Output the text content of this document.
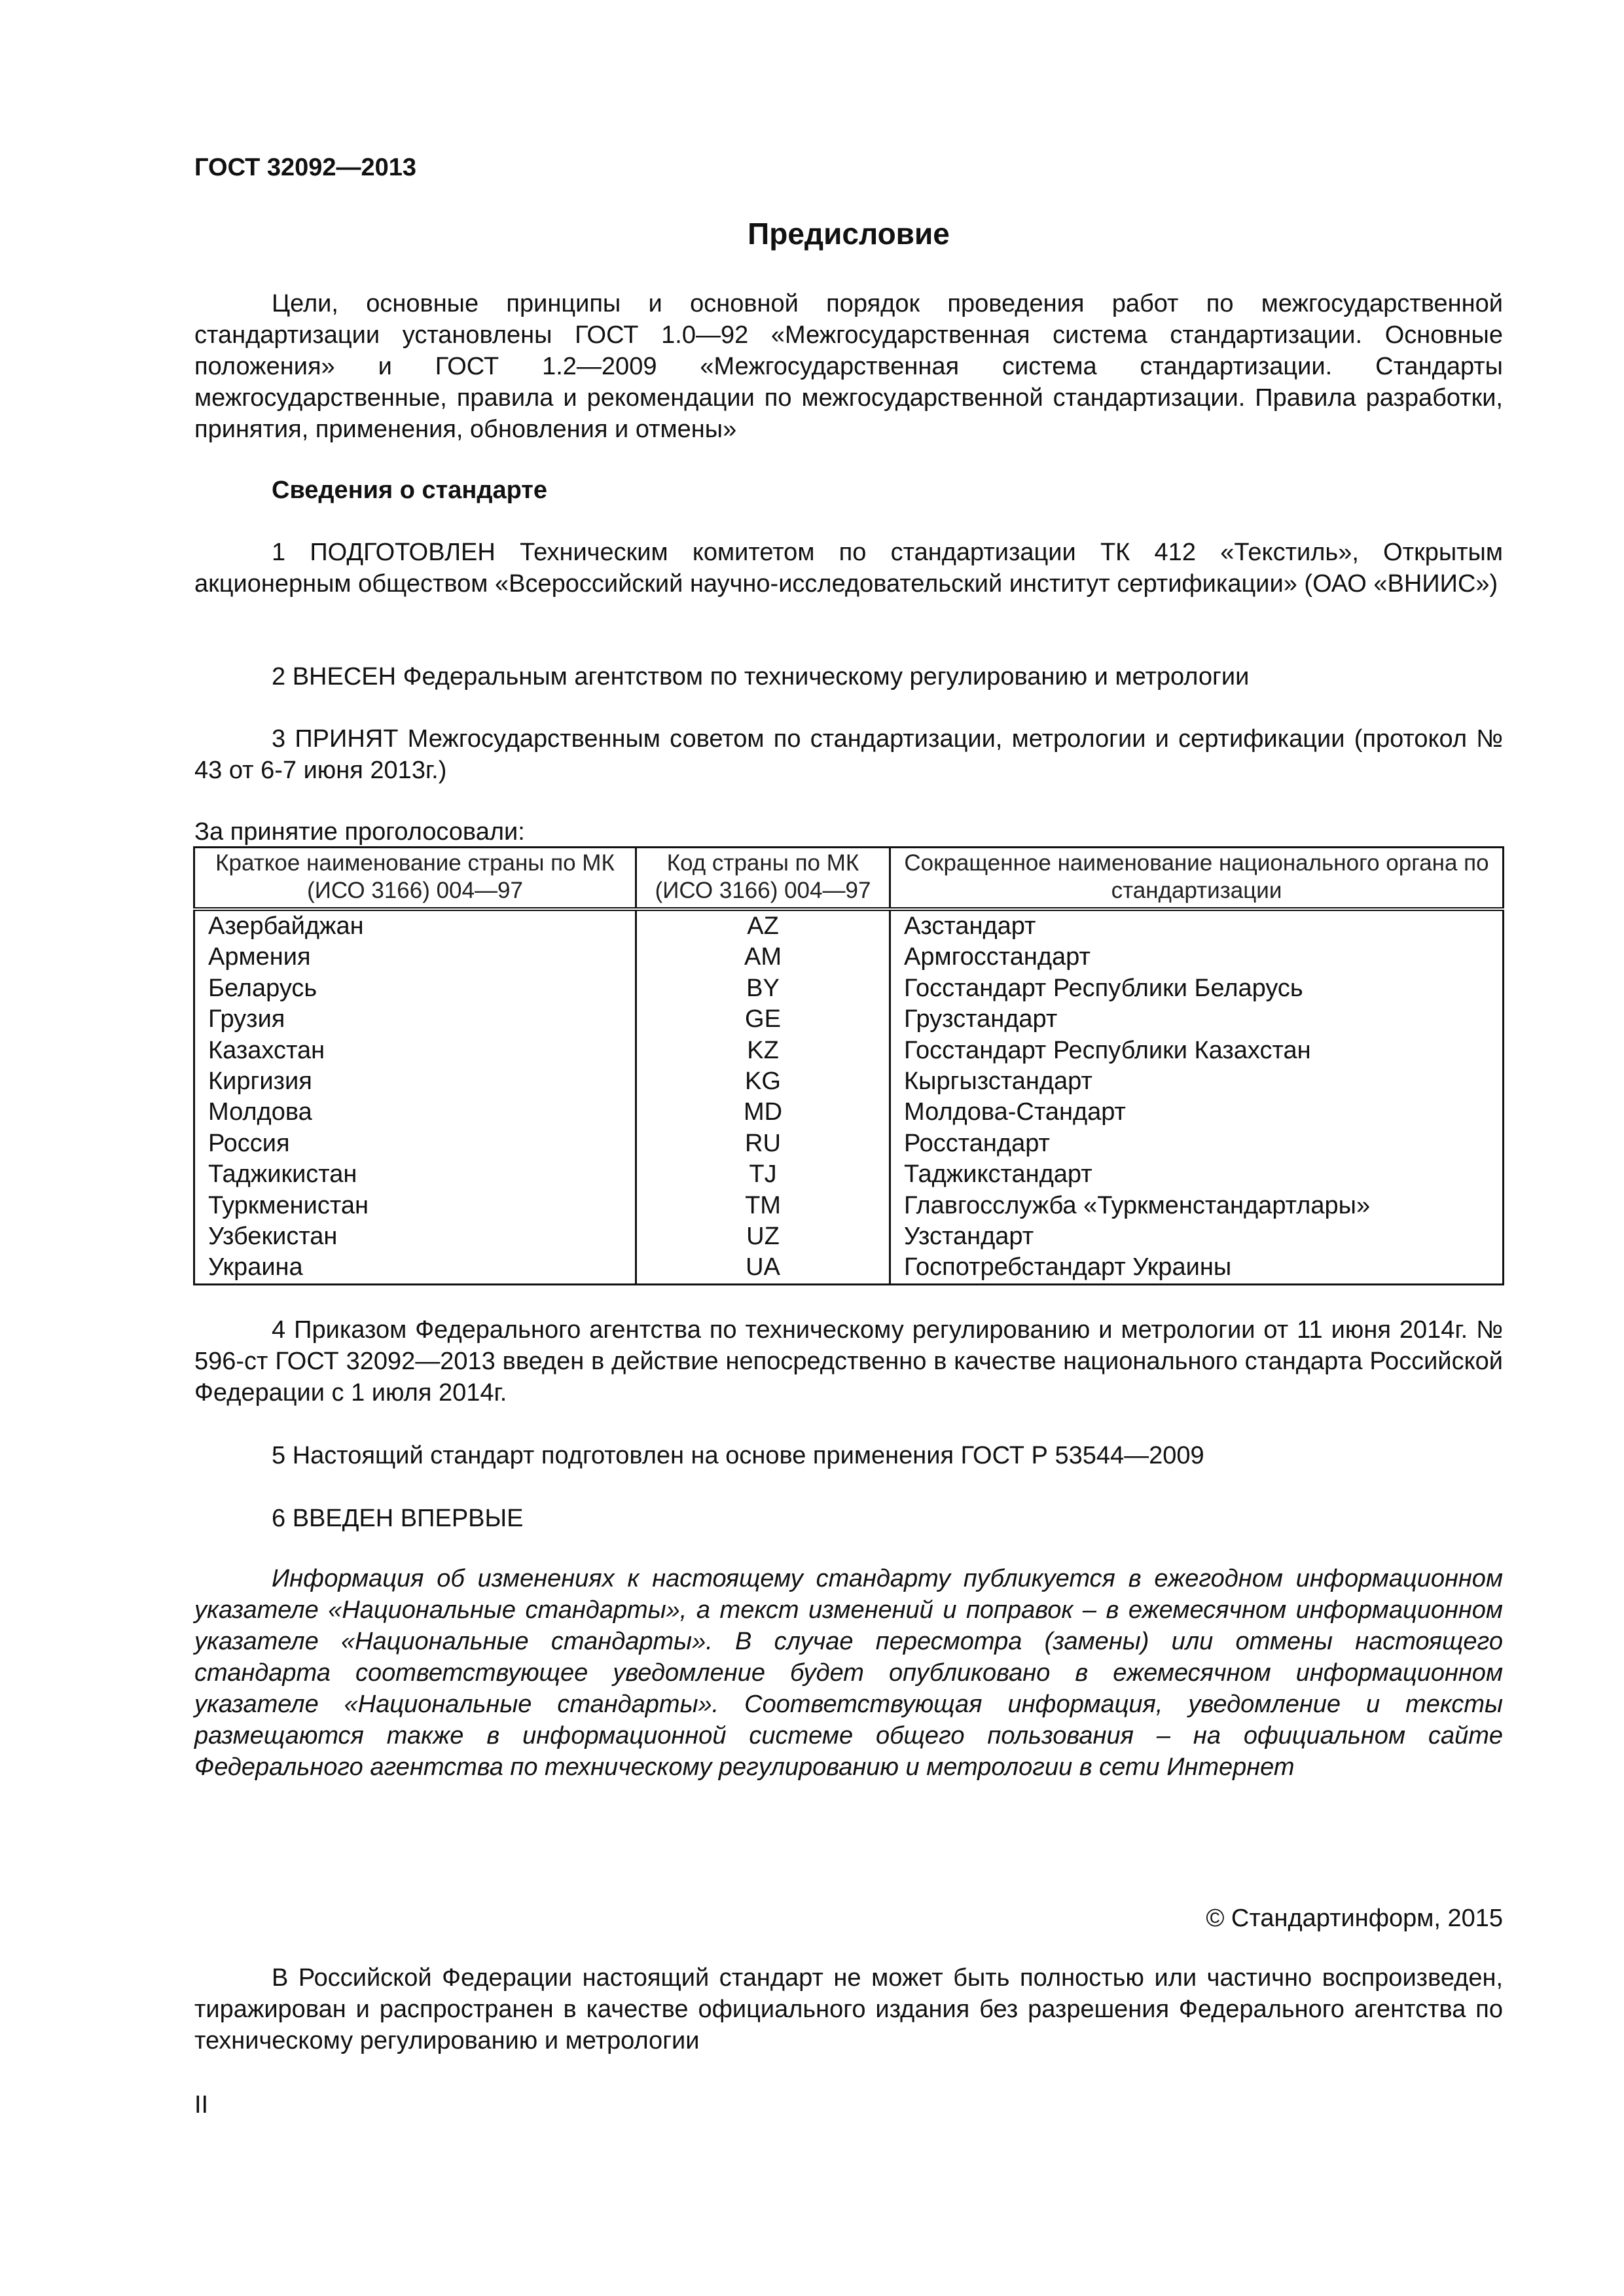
ГОСТ 32092—2013
Предисловие

Цели, основные принципы и основной порядок проведения работ по межгосударственной стандартизации установлены ГОСТ 1.0—92 «Межгосударственная система стандартизации. Основные положения» и ГОСТ 1.2—2009 «Межгосударственная система стандартизации. Стандарты межгосударственные, правила и рекомендации по межгосударственной стандартизации. Правила разработки, принятия, применения, обновления и отмены»

Сведения о стандарте

1 ПОДГОТОВЛЕН Техническим комитетом по стандартизации ТК 412 «Текстиль», Открытым акционерным обществом «Всероссийский научно-исследовательский институт сертификации» (ОАО «ВНИИС»)

2 ВНЕСЕН Федеральным агентством по техническому регулированию и метрологии

3 ПРИНЯТ Межгосударственным советом по стандартизации, метрологии и сертификации (протокол № 43 от 6-7 июня 2013г.)

За принятие проголосовали:
Краткое наименование страны по МК (ИСО 3166) 004—97	Код страны по МК (ИСО 3166) 004—97	Сокращенное наименование национального органа по стандартизации
Азербайджан	AZ	Азстандарт
Армения	AM	Армгосстандарт
Беларусь	BY	Госстандарт Республики Беларусь
Грузия	GE	Грузстандарт
Казахстан	KZ	Госстандарт Республики Казахстан
Киргизия	KG	Кыргызстандарт
Молдова	MD	Молдова-Стандарт
Россия	RU	Росстандарт
Таджикистан	TJ	Таджикстандарт
Туркменистан	TM	Главгосслужба «Туркменстандартлары»
Узбекистан	UZ	Узстандарт
Украина	UA	Госпотребстандарт Украины

4 Приказом Федерального агентства по техническому регулированию и метрологии от 11 июня 2014г. № 596-ст ГОСТ 32092—2013 введен в действие непосредственно в качестве национального стандарта Российской Федерации с 1 июля 2014г.

5 Настоящий стандарт подготовлен на основе применения ГОСТ Р 53544—2009

6 ВВЕДЕН ВПЕРВЫЕ

Информация об изменениях к настоящему стандарту публикуется в ежегодном информационном указателе «Национальные стандарты», а текст изменений и поправок – в ежемесячном информационном указателе «Национальные стандарты». В случае пересмотра (замены) или отмены настоящего стандарта соответствующее уведомление будет опубликовано в ежемесячном информационном указателе «Национальные стандарты». Соответствующая информация, уведомление и тексты размещаются также в информационной системе общего пользования – на официальном сайте Федерального агентства по техническому регулированию и метрологии в сети Интернет

© Стандартинформ, 2015

В Российской Федерации настоящий стандарт не может быть полностью или частично воспроизведен, тиражирован и распространен в качестве официального издания без разрешения Федерального агентства по техническому регулированию и метрологии

II
